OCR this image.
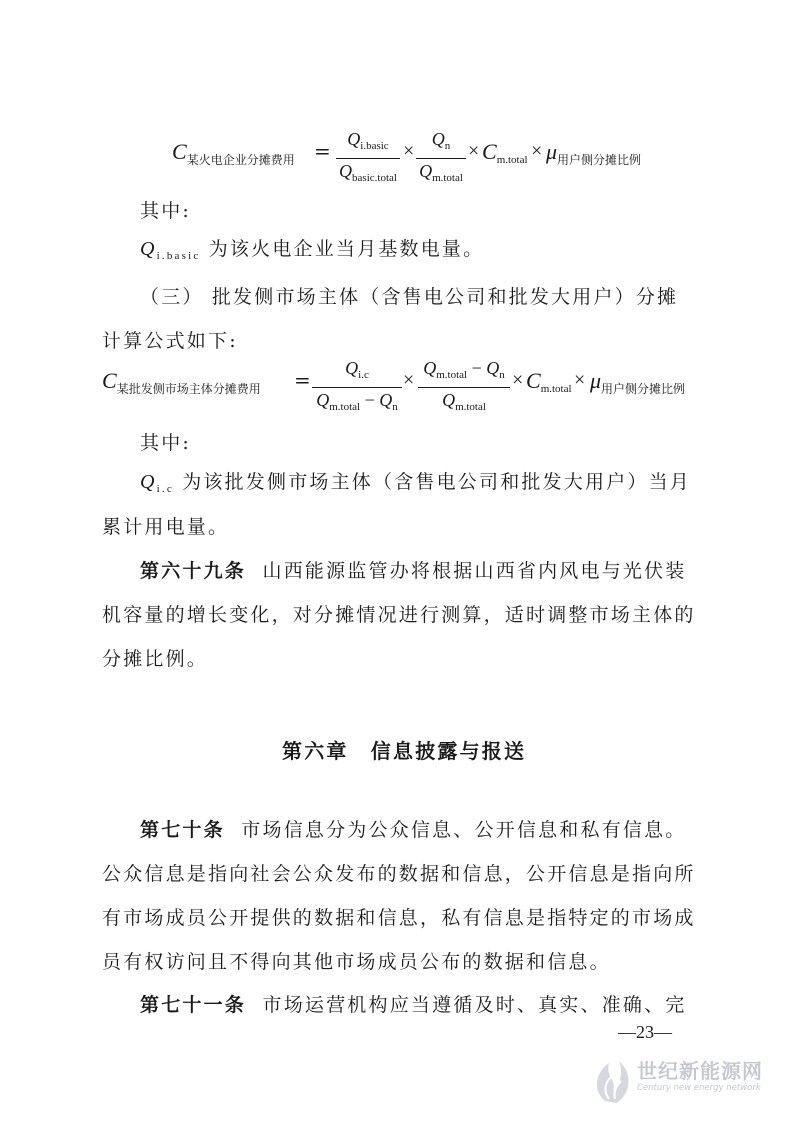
$C_{某火电企业分摊费用} = Q_{i.basic}$
$Q_{basic.total}$
×
$Q_n$
$Q_{m.total}$
× $C_{m.total} \times \mu_{用户侧分摊比例}$
其中:
$Q_{i.basic}$ 为该火电企业当月基数电量。
（三） 批发侧市场主体（含售电公司和批发大用户）分摊
计算公式如下:
$C_{某批发侧市场主体分摊费用}$ =	$Q_{i.c}$
$Q_{m.total} - Q_n$
×
$Q_{m.total} - Q_n$
$Q_{m.total}$
× $C_{m.total} \times \mu_{用户侧分摊比例}$
其中:
$Q_{i.c}$ 为该批发侧市场主体（含售电公司和批发大用户）当月
累计用电量。
第六十九条 山西能源监管办将根据山西省内风电与光伏装
机容量的增长变化，对分摊情况进行测算，适时调整市场主体的
分摊比例。
第六章　信息披露与报送
第七十条 市场信息分为公众信息、公开信息和私有信息。
公众信息是指向社会公众发布的数据和信息，公开信息是指向所
有市场成员公开提供的数据和信息，私有信息是指特定的市场成
员有权访问且不得向其他市场成员公布的数据和信息。
第七十一条 市场运营机构应当遵循及时、真实、准确、完
—23—
世纪新能源网
Century new energy network
